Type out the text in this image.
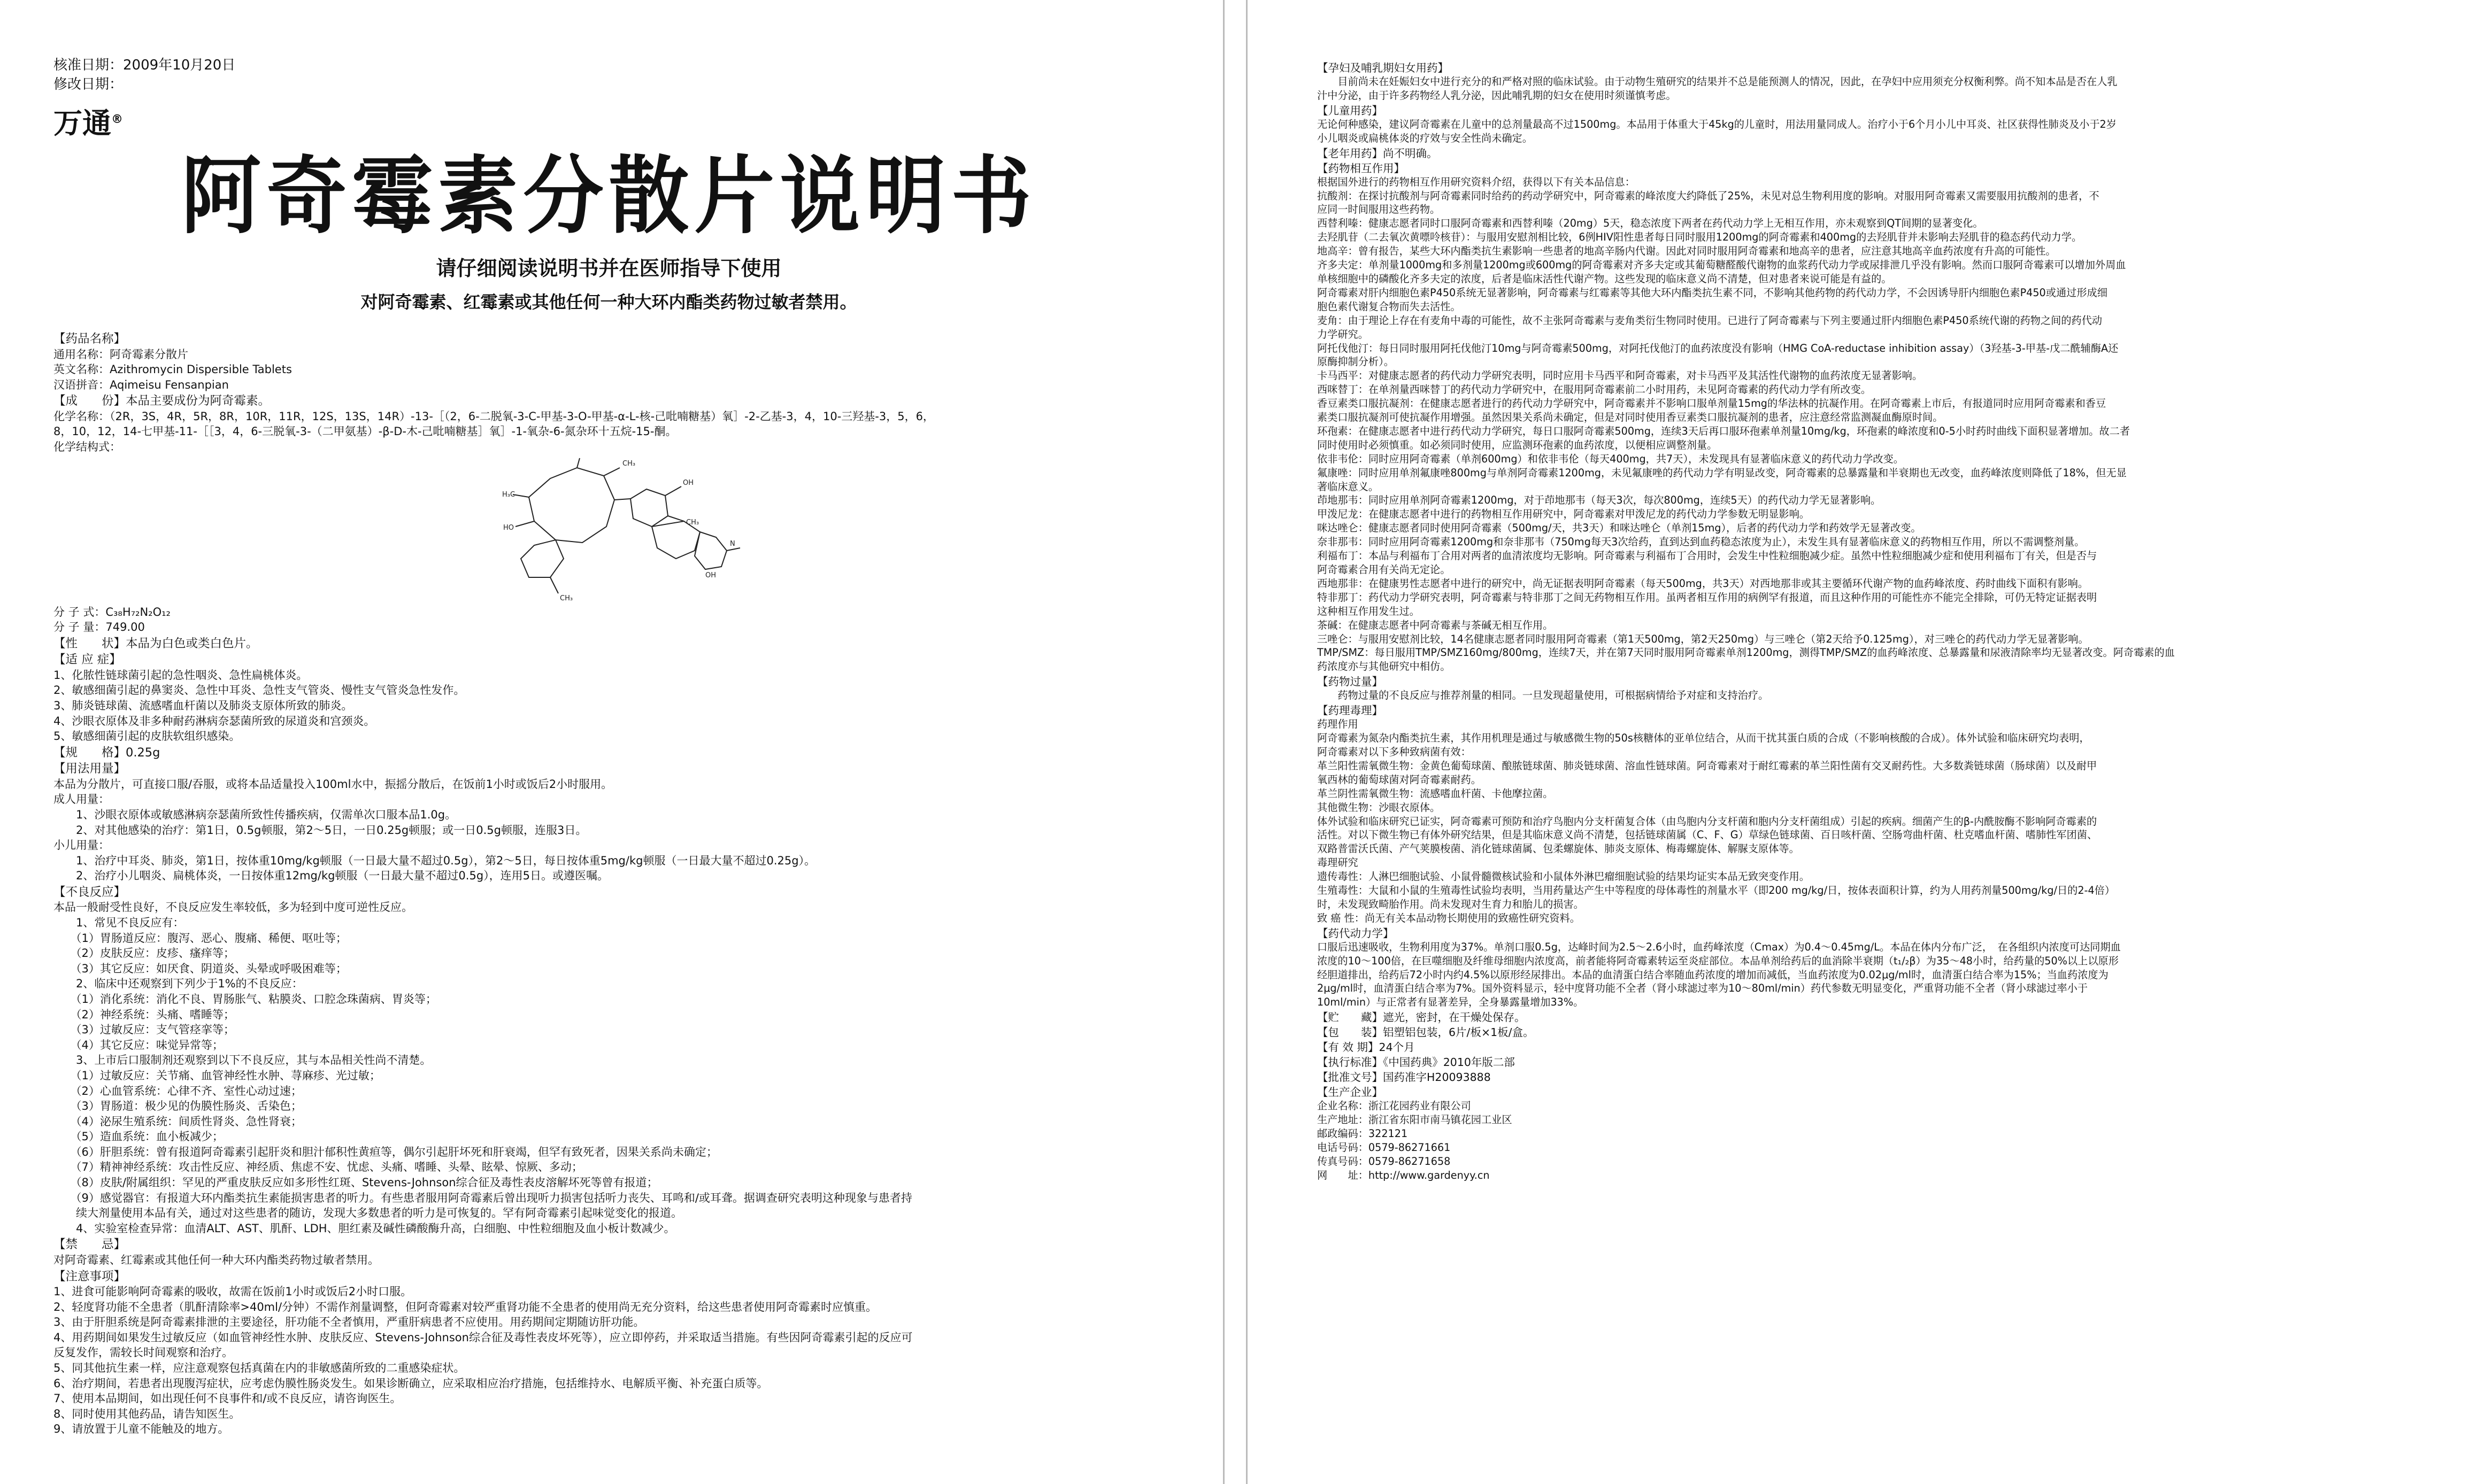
核准日期：2009年10月20日
修改日期：
万通®
阿奇霉素分散片说明书
请仔细阅读说明书并在医师指导下使用
对阿奇霉素、红霉素或其他任何一种大环内酯类药物过敏者禁用。
【药品名称】
通用名称：阿奇霉素分散片
英文名称：Azithromycin Dispersible Tablets
汉语拼音：Aqimeisu Fensanpian
【成　　份】本品主要成份为阿奇霉素。
化学名称：（2R，3S，4R，5R，8R，10R，11R，12S，13S，14R）-13-［（2，6-二脱氧-3-C-甲基-3-O-甲基-α-L-核-己吡喃糖基）氧］-2-乙基-3，4，10-三羟基-3，5，6，
8，10，12，14-七甲基-11-［［3，4，6-三脱氧-3-（二甲氨基）-β-D-木-己吡喃糖基］氧］-1-氧杂-6-氮杂环十五烷-15-酮。
化学结构式：
H₃C
HO
CH₃
OH
CH₃
CH₃
N
OH
分 子 式：C₃₈H₇₂N₂O₁₂
分 子 量：749.00
【性　　状】本品为白色或类白色片。
【适 应 症】
1、化脓性链球菌引起的急性咽炎、急性扁桃体炎。
2、敏感细菌引起的鼻窦炎、急性中耳炎、急性支气管炎、慢性支气管炎急性发作。
3、肺炎链球菌、流感嗜血杆菌以及肺炎支原体所致的肺炎。
4、沙眼衣原体及非多种耐药淋病奈瑟菌所致的尿道炎和宫颈炎。
5、敏感细菌引起的皮肤软组织感染。
【规　　格】0.25g
【用法用量】
本品为分散片，可直接口服/吞服，或将本品适量投入100ml水中，振摇分散后，在饭前1小时或饭后2小时服用。
成人用量：
　　1、沙眼衣原体或敏感淋病奈瑟菌所致性传播疾病，仅需单次口服本品1.0g。
　　2、对其他感染的治疗：第1日，0.5g顿服，第2～5日，一日0.25g顿服；或一日0.5g顿服，连服3日。
小儿用量：
　　1、治疗中耳炎、肺炎，第1日，按体重10mg/kg顿服（一日最大量不超过0.5g），第2～5日，每日按体重5mg/kg顿服（一日最大量不超过0.25g）。
　　2、治疗小儿咽炎、扁桃体炎，一日按体重12mg/kg顿服（一日最大量不超过0.5g），连用5日。或遵医嘱。
【不良反应】
本品一般耐受性良好，不良反应发生率较低，多为轻到中度可逆性反应。
　　1、常见不良反应有：
　　（1）胃肠道反应：腹泻、恶心、腹痛、稀便、呕吐等；
　　（2）皮肤反应：皮疹、瘙痒等；
　　（3）其它反应：如厌食、阴道炎、头晕或呼吸困难等；
　　2、临床中还观察到下列少于1%的不良反应：
　　（1）消化系统：消化不良、胃肠胀气、粘膜炎、口腔念珠菌病、胃炎等；
　　（2）神经系统：头痛、嗜睡等；
　　（3）过敏反应：支气管痉挛等；
　　（4）其它反应：味觉异常等；
　　3、上市后口服制剂还观察到以下不良反应，其与本品相关性尚不清楚。
　　（1）过敏反应：关节痛、血管神经性水肿、荨麻疹、光过敏；
　　（2）心血管系统：心律不齐、室性心动过速；
　　（3）胃肠道：极少见的伪膜性肠炎、舌染色；
　　（4）泌尿生殖系统：间质性肾炎、急性肾衰；
　　（5）造血系统：血小板减少；
　　（6）肝胆系统：曾有报道阿奇霉素引起肝炎和胆汁郁积性黄疸等，偶尔引起肝坏死和肝衰竭，但罕有致死者，因果关系尚未确定；
　　（7）精神神经系统：攻击性反应、神经质、焦虑不安、忧虑、头痛、嗜睡、头晕、眩晕、惊厥、多动；
　　（8）皮肤/附属组织：罕见的严重皮肤反应如多形性红斑、Stevens-Johnson综合征及毒性表皮溶解坏死等曾有报道；
　　（9）感觉器官：有报道大环内酯类抗生素能损害患者的听力。有些患者服用阿奇霉素后曾出现听力损害包括听力丧失、耳鸣和/或耳聋。据调查研究表明这种现象与患者持
　　续大剂量使用本品有关，通过对这些患者的随访，发现大多数患者的听力是可恢复的。罕有阿奇霉素引起味觉变化的报道。
　　4、实验室检查异常：血清ALT、AST、肌酐、LDH、胆红素及碱性磷酸酶升高，白细胞、中性粒细胞及血小板计数减少。
【禁　　忌】
对阿奇霉素、红霉素或其他任何一种大环内酯类药物过敏者禁用。
【注意事项】
1、进食可能影响阿奇霉素的吸收，故需在饭前1小时或饭后2小时口服。
2、轻度肾功能不全患者（肌酐清除率>40ml/分钟）不需作剂量调整，但阿奇霉素对较严重肾功能不全患者的使用尚无充分资料，给这些患者使用阿奇霉素时应慎重。
3、由于肝胆系统是阿奇霉素排泄的主要途径，肝功能不全者慎用，严重肝病患者不应使用。用药期间定期随访肝功能。
4、用药期间如果发生过敏反应（如血管神经性水肿、皮肤反应、Stevens-Johnson综合征及毒性表皮坏死等），应立即停药，并采取适当措施。有些因阿奇霉素引起的反应可
反复发作，需较长时间观察和治疗。
5、同其他抗生素一样，应注意观察包括真菌在内的非敏感菌所致的二重感染症状。
6、治疗期间，若患者出现腹泻症状，应考虑伪膜性肠炎发生。如果诊断确立，应采取相应治疗措施，包括维持水、电解质平衡、补充蛋白质等。
7、使用本品期间，如出现任何不良事件和/或不良反应，请咨询医生。
8、同时使用其他药品，请告知医生。
9、请放置于儿童不能触及的地方。
【孕妇及哺乳期妇女用药】
　　目前尚未在妊娠妇女中进行充分的和严格对照的临床试验。由于动物生殖研究的结果并不总是能预测人的情况，因此，在孕妇中应用须充分权衡利弊。尚不知本品是否在人乳
汁中分泌，由于许多药物经人乳分泌，因此哺乳期的妇女在使用时须谨慎考虑。
【儿童用药】
无论何种感染，建议阿奇霉素在儿童中的总剂量最高不过1500mg。本品用于体重大于45kg的儿童时，用法用量同成人。治疗小于6个月小儿中耳炎、社区获得性肺炎及小于2岁
小儿咽炎或扁桃体炎的疗效与安全性尚未确定。
【老年用药】尚不明确。
【药物相互作用】
根据国外进行的药物相互作用研究资料介绍，获得以下有关本品信息：
抗酸剂：在探讨抗酸剂与阿奇霉素同时给药的药动学研究中，阿奇霉素的峰浓度大约降低了25%，未见对总生物利用度的影响。对服用阿奇霉素又需要服用抗酸剂的患者，不
应同一时间服用这些药物。
西替利嗪：健康志愿者同时口服阿奇霉素和西替利嗪（20mg）5天，稳态浓度下两者在药代动力学上无相互作用，亦未观察到QT间期的显著变化。
去羟肌苷（二去氧次黄嘌呤核苷）：与服用安慰剂相比较，6例HIV阳性患者每日同时服用1200mg的阿奇霉素和400mg的去羟肌苷并未影响去羟肌苷的稳态药代动力学。
地高辛：曾有报告，某些大环内酯类抗生素影响一些患者的地高辛肠内代谢。因此对同时服用阿奇霉素和地高辛的患者，应注意其地高辛血药浓度有升高的可能性。
齐多夫定：单剂量1000mg和多剂量1200mg或600mg的阿奇霉素对齐多夫定或其葡萄糖醛酸代谢物的血浆药代动力学或尿排泄几乎没有影响。然而口服阿奇霉素可以增加外周血
单核细胞中的磷酸化齐多夫定的浓度，后者是临床活性代谢产物。这些发现的临床意义尚不清楚，但对患者来说可能是有益的。
阿奇霉素对肝内细胞色素P450系统无显著影响，阿奇霉素与红霉素等其他大环内酯类抗生素不同，不影响其他药物的药代动力学，不会因诱导肝内细胞色素P450或通过形成细
胞色素代谢复合物而失去活性。
麦角：由于理论上存在有麦角中毒的可能性，故不主张阿奇霉素与麦角类衍生物同时使用。已进行了阿奇霉素与下列主要通过肝内细胞色素P450系统代谢的药物之间的药代动
力学研究。
阿托伐他汀：每日同时服用阿托伐他汀10mg与阿奇霉素500mg，对阿托伐他汀的血药浓度没有影响（HMG CoA-reductase inhibition assay）（3羟基-3-甲基-戊二酰辅酶A还
原酶抑制分析）。
卡马西平：对健康志愿者的药代动力学研究表明，同时应用卡马西平和阿奇霉素，对卡马西平及其活性代谢物的血药浓度无显著影响。
西咪替丁：在单剂量西咪替丁的药代动力学研究中，在服用阿奇霉素前二小时用药，未见阿奇霉素的药代动力学有所改变。
香豆素类口服抗凝剂：在健康志愿者进行的药代动力学研究中，阿奇霉素并不影响口服单剂量15mg的华法林的抗凝作用。在阿奇霉素上市后，有报道同时应用阿奇霉素和香豆
素类口服抗凝剂可使抗凝作用增强。虽然因果关系尚未确定，但是对同时使用香豆素类口服抗凝剂的患者，应注意经常监测凝血酶原时间。
环孢素：在健康志愿者中进行药代动力学研究，每日口服阿奇霉素500mg，连续3天后再口服环孢素单剂量10mg/kg，环孢素的峰浓度和0-5小时药时曲线下面积显著增加。故二者
同时使用时必须慎重。如必须同时使用，应监测环孢素的血药浓度，以便相应调整剂量。
依非韦伦：同时应用阿奇霉素（单剂600mg）和依非韦伦（每天400mg，共7天），未发现具有显著临床意义的药代动力学改变。
氟康唑：同时应用单剂氟康唑800mg与单剂阿奇霉素1200mg，未见氟康唑的药代动力学有明显改变，阿奇霉素的总暴露量和半衰期也无改变，血药峰浓度则降低了18%，但无显
著临床意义。
茚地那韦：同时应用单剂阿奇霉素1200mg，对于茚地那韦（每天3次，每次800mg，连续5天）的药代动力学无显著影响。
甲泼尼龙：在健康志愿者中进行的药物相互作用研究中，阿奇霉素对甲泼尼龙的药代动力学参数无明显影响。
咪达唑仑：健康志愿者同时使用阿奇霉素（500mg/天，共3天）和咪达唑仑（单剂15mg），后者的药代动力学和药效学无显著改变。
奈非那韦：同时应用阿奇霉素1200mg和奈非那韦（750mg每天3次给药，直到达到血药稳态浓度为止），未发生具有显著临床意义的药物相互作用，所以不需调整剂量。
利福布丁：本品与利福布丁合用对两者的血清浓度均无影响。阿奇霉素与利福布丁合用时，会发生中性粒细胞减少症。虽然中性粒细胞减少症和使用利福布丁有关，但是否与
阿奇霉素合用有关尚无定论。
西地那非：在健康男性志愿者中进行的研究中，尚无证据表明阿奇霉素（每天500mg，共3天）对西地那非或其主要循环代谢产物的血药峰浓度、药时曲线下面积有影响。
特非那丁：药代动力学研究表明，阿奇霉素与特非那丁之间无药物相互作用。虽两者相互作用的病例罕有报道，而且这种作用的可能性亦不能完全排除，可仍无特定证据表明
这种相互作用发生过。
茶碱：在健康志愿者中阿奇霉素与茶碱无相互作用。
三唑仑：与服用安慰剂比较，14名健康志愿者同时服用阿奇霉素（第1天500mg，第2天250mg）与三唑仑（第2天给予0.125mg），对三唑仑的药代动力学无显著影响。
TMP/SMZ：每日服用TMP/SMZ160mg/800mg，连续7天，并在第7天同时服用阿奇霉素单剂1200mg，测得TMP/SMZ的血药峰浓度、总暴露量和尿液清除率均无显著改变。阿奇霉素的血
药浓度亦与其他研究中相仿。
【药物过量】
　　药物过量的不良反应与推荐剂量的相同。一旦发现超量使用，可根据病情给予对症和支持治疗。
【药理毒理】
药理作用
阿奇霉素为氮杂内酯类抗生素，其作用机理是通过与敏感微生物的50s核糖体的亚单位结合，从而干扰其蛋白质的合成（不影响核酸的合成）。体外试验和临床研究均表明，
阿奇霉素对以下多种致病菌有效：
革兰阳性需氧微生物：金黄色葡萄球菌、酿脓链球菌、肺炎链球菌、溶血性链球菌。阿奇霉素对于耐红霉素的革兰阳性菌有交叉耐药性。大多数粪链球菌（肠球菌）以及耐甲
氧西林的葡萄球菌对阿奇霉素耐药。
革兰阴性需氧微生物：流感嗜血杆菌、卡他摩拉菌。
其他微生物：沙眼衣原体。
体外试验和临床研究已证实，阿奇霉素可预防和治疗鸟胞内分支杆菌复合体（由鸟胞内分支杆菌和胞内分支杆菌组成）引起的疾病。细菌产生的β-内酰胺酶不影响阿奇霉素的
活性。对以下微生物已有体外研究结果，但是其临床意义尚不清楚，包括链球菌属（C、F、G）草绿色链球菌、百日咳杆菌、空肠弯曲杆菌、杜克嗜血杆菌、嗜肺性军团菌、
双路普雷沃氏菌、产气荚膜梭菌、消化链球菌属、包柔螺旋体、肺炎支原体、梅毒螺旋体、解脲支原体等。
毒理研究
遗传毒性：人淋巴细胞试验、小鼠骨髓微核试验和小鼠体外淋巴瘤细胞试验的结果均证实本品无致突变作用。
生殖毒性：大鼠和小鼠的生殖毒性试验均表明，当用药量达产生中等程度的母体毒性的剂量水平（即200 mg/kg/日，按体表面积计算，约为人用药剂量500mg/kg/日的2-4倍）
时，未发现致畸胎作用。尚未发现对生育力和胎儿的损害。
致 癌 性：尚无有关本品动物长期使用的致癌性研究资料。
【药代动力学】
口服后迅速吸收，生物利用度为37%。单剂口服0.5g，达峰时间为2.5～2.6小时，血药峰浓度（Cmax）为0.4～0.45mg/L。本品在体内分布广泛，　在各组织内浓度可达同期血
浓度的10～100倍，在巨噬细胞及纤维母细胞内浓度高，前者能将阿奇霉素转运至炎症部位。本品单剂给药后的血消除半衰期（t₁/₂β）为35～48小时，给药量的50%以上以原形
经胆道排出，给药后72小时内约4.5%以原形经尿排出。本品的血清蛋白结合率随血药浓度的增加而减低，当血药浓度为0.02μg/ml时，血清蛋白结合率为15%；当血药浓度为
2μg/ml时，血清蛋白结合率为7%。国外资料显示，轻中度肾功能不全者（肾小球滤过率为10～80ml/min）药代参数无明显变化，严重肾功能不全者（肾小球滤过率小于
10ml/min）与正常者有显著差异，全身暴露量增加33%。
【贮　　藏】遮光，密封，在干燥处保存。
【包　　装】铝塑铝包装，6片/板×1板/盒。
【有 效 期】24个月
【执行标准】《中国药典》2010年版二部
【批准文号】国药准字H20093888
【生产企业】
企业名称：浙江花园药业有限公司
生产地址：浙江省东阳市南马镇花园工业区
邮政编码：322121
电话号码：0579-86271661
传真号码：0579-86271658
网　　址：http://www.gardenyy.cn
